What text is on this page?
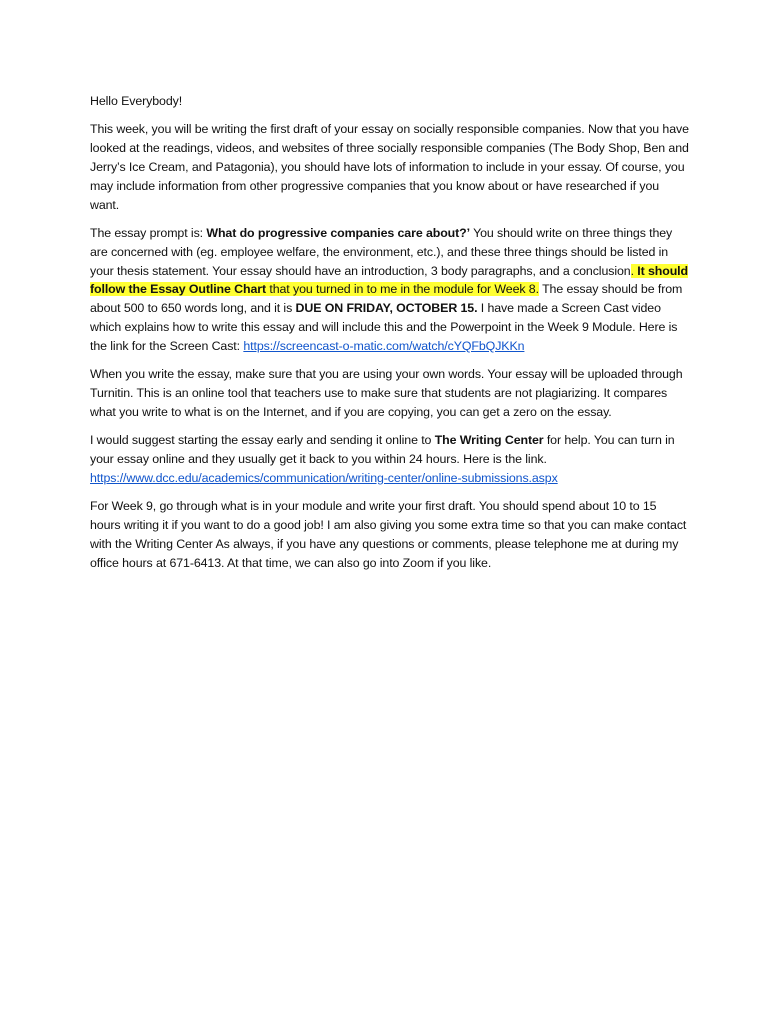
Hello Everybody!

This week, you will be writing the first draft of your essay on socially responsible companies. Now that you have looked at the readings, videos, and websites of three socially responsible companies (The Body Shop, Ben and Jerry’s Ice Cream, and Patagonia), you should have lots of information to include in your essay. Of course, you may include information from other progressive companies that you know about or have researched if you want.

The essay prompt is: What do progressive companies care about?’ You should write on three things they are concerned with (eg. employee welfare, the environment, etc.), and these three things should be listed in your thesis statement. Your essay should have an introduction, 3 body paragraphs, and a conclusion. It should follow the Essay Outline Chart that you turned in to me in the module for Week 8. The essay should be from about 500 to 650 words long, and it is DUE ON FRIDAY, OCTOBER 15. I have made a Screen Cast video which explains how to write this essay and will include this and the Powerpoint in the Week 9 Module. Here is the link for the Screen Cast: https://screencast-o-matic.com/watch/cYQFbQJKKn

When you write the essay, make sure that you are using your own words. Your essay will be uploaded through Turnitin. This is an online tool that teachers use to make sure that students are not plagiarizing. It compares what you write to what is on the Internet, and if you are copying, you can get a zero on the essay.

I would suggest starting the essay early and sending it online to The Writing Center for help. You can turn in your essay online and they usually get it back to you within 24 hours. Here is the link. https://www.dcc.edu/academics/communication/writing-center/online-submissions.aspx

For Week 9, go through what is in your module and write your first draft. You should spend about 10 to 15 hours writing it if you want to do a good job! I am also giving you some extra time so that you can make contact with the Writing Center As always, if you have any questions or comments, please telephone me at during my office hours at 671-6413. At that time, we can also go into Zoom if you like.
